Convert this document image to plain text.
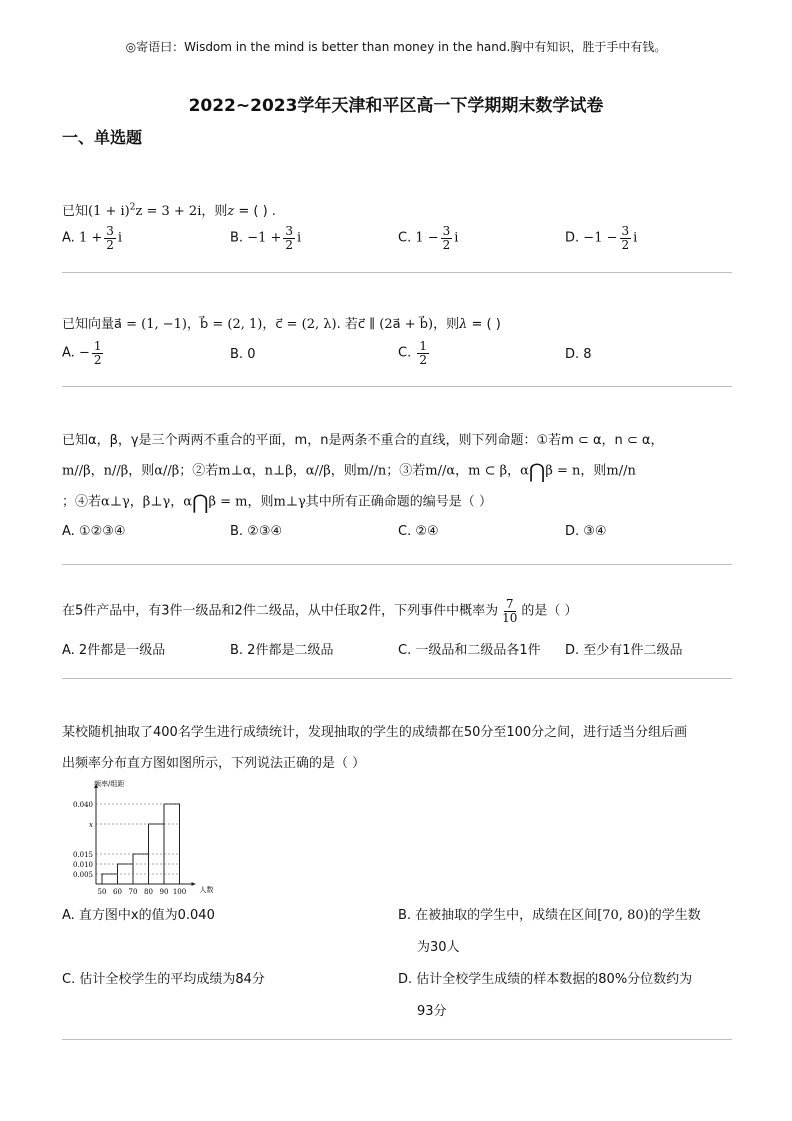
◎寄语曰：Wisdom in the mind is better than money in the hand.胸中有知识，胜于手中有钱。
2022~2023学年天津和平区高一下学期期末数学试卷
一、单选题
已知$(1 + i)^2z = 3 + 2i$，则z = ( ) .
A. $1 + \frac{3}{2}$ i	B. $-1 + \frac{3}{2}$ i	C. $1 - \frac{3}{2}$ i	D. $-1 - \frac{3}{2}$ i
已知向量a⃗ = (1, −1)，b⃗ = (2, 1)，c⃗ = (2, λ). 若c⃗ ∥ (2a⃗ + b⃗)，则λ = ( )
A. − $\frac{1}{2}$	B. 0	C. $\frac{1}{2}$	D. 8
已知α，β，γ是三个两两不重合的平面，m，n是两条不重合的直线，则下列命题：①若m ⊂ α，n ⊂ α，
m//β，n//β，则α//β；②若m⊥α，n⊥β，α//β，则m//n；③若m//α，m ⊂ β，α⋂β = n，则m//n
；④若α⊥γ，β⊥γ，α⋂β = m，则m⊥γ其中所有正确命题的编号是（ ）
A. ①②③④	B. ②③④	C. ②④	D. ③④
在5件产品中，有3件一级品和2件二级品，从中任取2件，下列事件中概率为 $\frac{7}{10}$ 的是（ ）
A. 2件都是一级品	B. 2件都是二级品	C. 一级品和二级品各1件 D. 至少有1件二级品
某校随机抽取了400名学生进行成绩统计，发现抽取的学生的成绩都在50分至100分之间，进行适当分组后画
出频率分布直方图如图所示，下列说法正确的是（ ）
0.040
x
0.015
0.010
0.005
50 60 70 80 90 100
频率/组距
人数
A. 直方图中x的值为0.040	B. 在被抽取的学生中，成绩在区间[70, 80)的学生数
为30人
C. 估计全校学生的平均成绩为84分	D. 估计全校学生成绩的样本数据的80%分位数约为
93分
